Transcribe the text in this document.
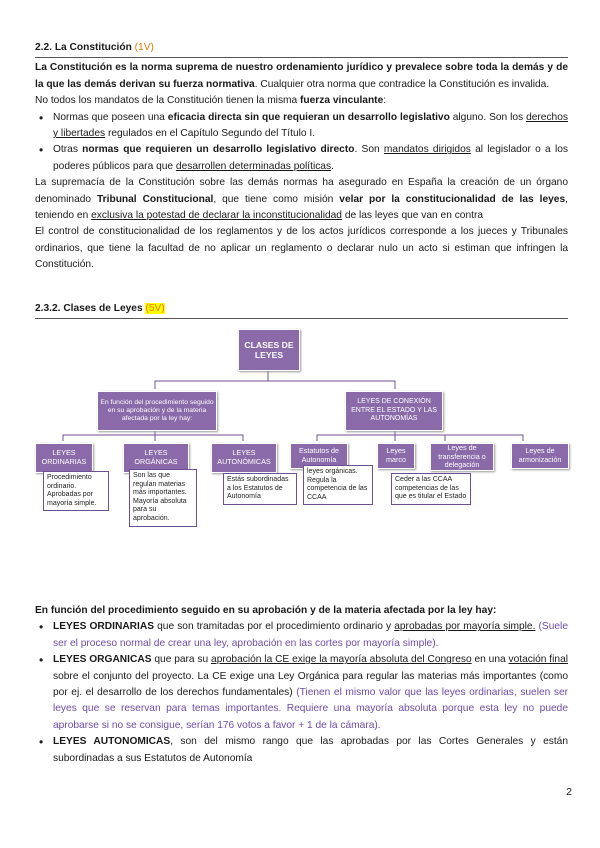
2.2. La Constitución (1V)

La Constitución es la norma suprema de nuestro ordenamiento jurídico y prevalece sobre toda la demás y de la que las demás derivan su fuerza normativa. Cualquier otra norma que contradice la Constitución es invalida.

No todos los mandatos de la Constitución tienen la misma fuerza vinculante:

• Normas que poseen una eficacia directa sin que requieran un desarrollo legislativo alguno. Son los derechos y libertades regulados en el Capítulo Segundo del Título I.
• Otras normas que requieren un desarrollo legislativo directo. Son mandatos dirigidos al legislador o a los poderes públicos para que desarrollen determinadas políticas.

La supremacía de la Constitución sobre las demás normas ha asegurado en España la creación de un órgano denominado Tribunal Constitucional, que tiene como misión velar por la constitucionalidad de las leyes, teniendo en exclusiva la potestad de declarar la inconstitucionalidad de las leyes que van en contra

El control de constitucionalidad de los reglamentos y de los actos jurídicos corresponde a los jueces y Tribunales ordinarios, que tiene la facultad de no aplicar un reglamento o declarar nulo un acto si estiman que infringen la Constitución.

2.3.2. Clases de Leyes (5V)
CLASES DE LEYES
En función del procedimiento seguido en su aprobación y de la materia afectada por la ley hay:
LEYES DE CONEXIÓN ENTRE EL ESTADO Y LAS AUTONOMÍAS
LEYES ORDINARIAS
LEYES ORGÁNICAS
LEYES AUTONÓMICAS
Procedimiento ordinario. Aprobadas por mayoría simple.
Son las que regulan materias más importantes. Mayoría absoluta para su aprobación.
Estás subordinadas a los Estatutos de Autonomía
Estatutos de Autonomía
Leyes marco
Leyes de transferencia o delegación
Leyes de armonización
leyes orgánicas. Regula la competencia de las CCAA
Ceder a las CCAA competencias de las que es titular el Estado

En función del procedimiento seguido en su aprobación y de la materia afectada por la ley hay:

• LEYES ORDINARIAS que son tramitadas por el procedimiento ordinario y aprobadas por mayoría simple. (Suele ser el proceso normal de crear una ley, aprobación en las cortes por mayoría simple).
• LEYES ORGANICAS que para su aprobación la CE exige la mayoría absoluta del Congreso en una votación final sobre el conjunto del proyecto. La CE exige una Ley Orgánica para regular las materias más importantes (como por ej. el desarrollo de los derechos fundamentales) (Tienen el mismo valor que las leyes ordinarias, suelen ser leyes que se reservan para temas importantes. Requiere una mayoría absoluta porque esta ley no puede aprobarse si no se consigue, serían 176 votos a favor + 1 de la cámara).
• LEYES AUTONOMICAS, son del mismo rango que las aprobadas por las Cortes Generales y están subordinadas a sus Estatutos de Autonomía
2
